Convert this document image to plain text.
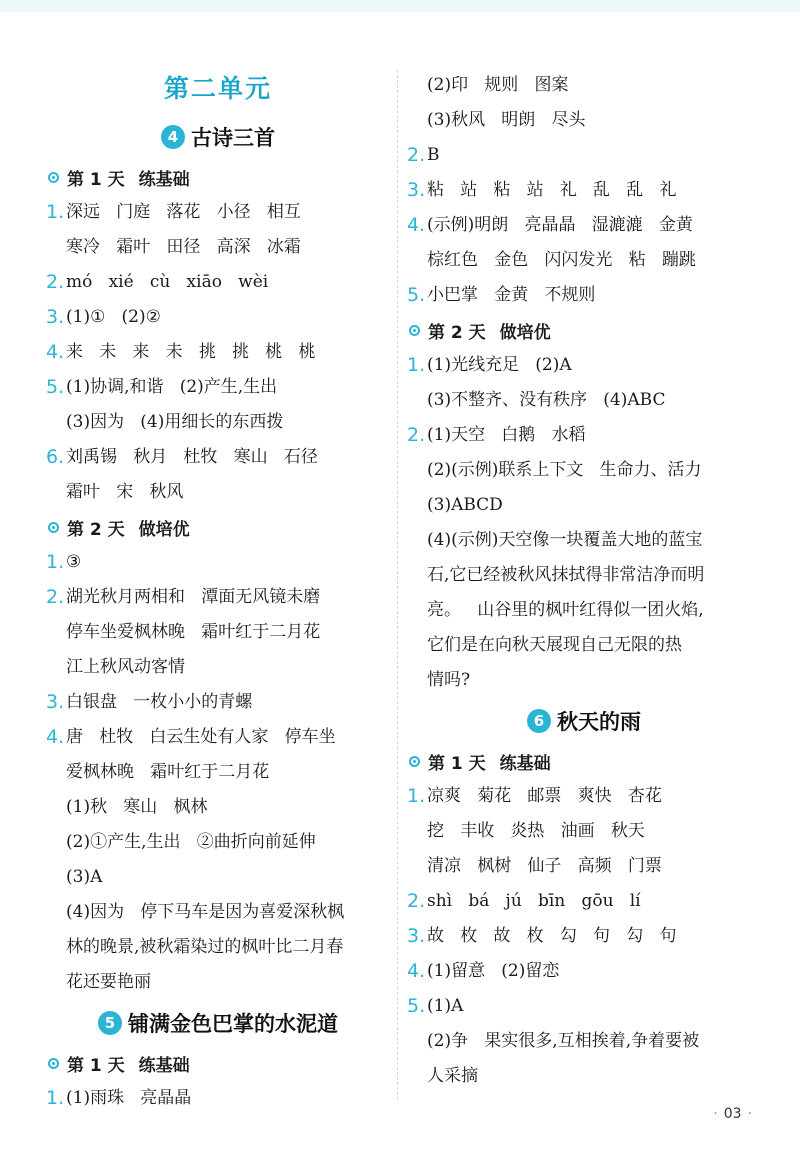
第二单元
4 古诗三首
第 1 天 练基础
1. 深远   门庭   落花   小径   相互
寒冷   霜叶   田径   高深   冰霜
2. mó   xié   cù   xiāo   wèi
3. (1)①   (2)②
4. 来   未   来   未   挑   挑   桃   桃
5. (1)协调,和谐   (2)产生,生出
(3)因为   (4)用细长的东西拨
6. 刘禹锡   秋月   杜牧   寒山   石径
霜叶   宋   秋风
第 2 天 做培优
1. ③
2. 湖光秋月两相和   潭面无风镜未磨
停车坐爱枫林晚   霜叶红于二月花
江上秋风动客情
3. 白银盘   一枚小小的青螺
4. 唐   杜牧   白云生处有人家   停车坐
爱枫林晚   霜叶红于二月花
(1)秋   寒山   枫林
(2)①产生,生出   ②曲折向前延伸
(3)A
(4)因为   停下马车是因为喜爱深秋枫
林的晚景,被秋霜染过的枫叶比二月春
花还要艳丽
5 铺满金色巴掌的水泥道
第 1 天 练基础
1. (1)雨珠   亮晶晶
(2)印   规则   图案
(3)秋风   明朗   尽头
2. B
3. 粘   站   粘   站   礼   乱   乱   礼
4. (示例)明朗   亮晶晶   湿漉漉   金黄
棕红色   金色   闪闪发光   粘   蹦跳
5. 小巴掌   金黄   不规则
第 2 天 做培优
1. (1)光线充足   (2)A
(3)不整齐、没有秩序   (4)ABC
2. (1)天空   白鹅   水稻
(2)(示例)联系上下文   生命力、活力
(3)ABCD
(4)(示例)天空像一块覆盖大地的蓝宝
石,它已经被秋风抹拭得非常洁净而明
亮。   山谷里的枫叶红得似一团火焰,
它们是在向秋天展现自己无限的热
情吗?
6 秋天的雨
第 1 天 练基础
1. 凉爽   菊花   邮票   爽快   杏花
挖   丰收   炎热   油画   秋天
清凉   枫树   仙子   高频   门票
2. shì   bá   jú   bīn   gōu   lí
3. 故   枚   故   枚   勾   句   勾   句
4. (1)留意   (2)留恋
5. (1)A
(2)争   果实很多,互相挨着,争着要被
人采摘
· 03 ·
